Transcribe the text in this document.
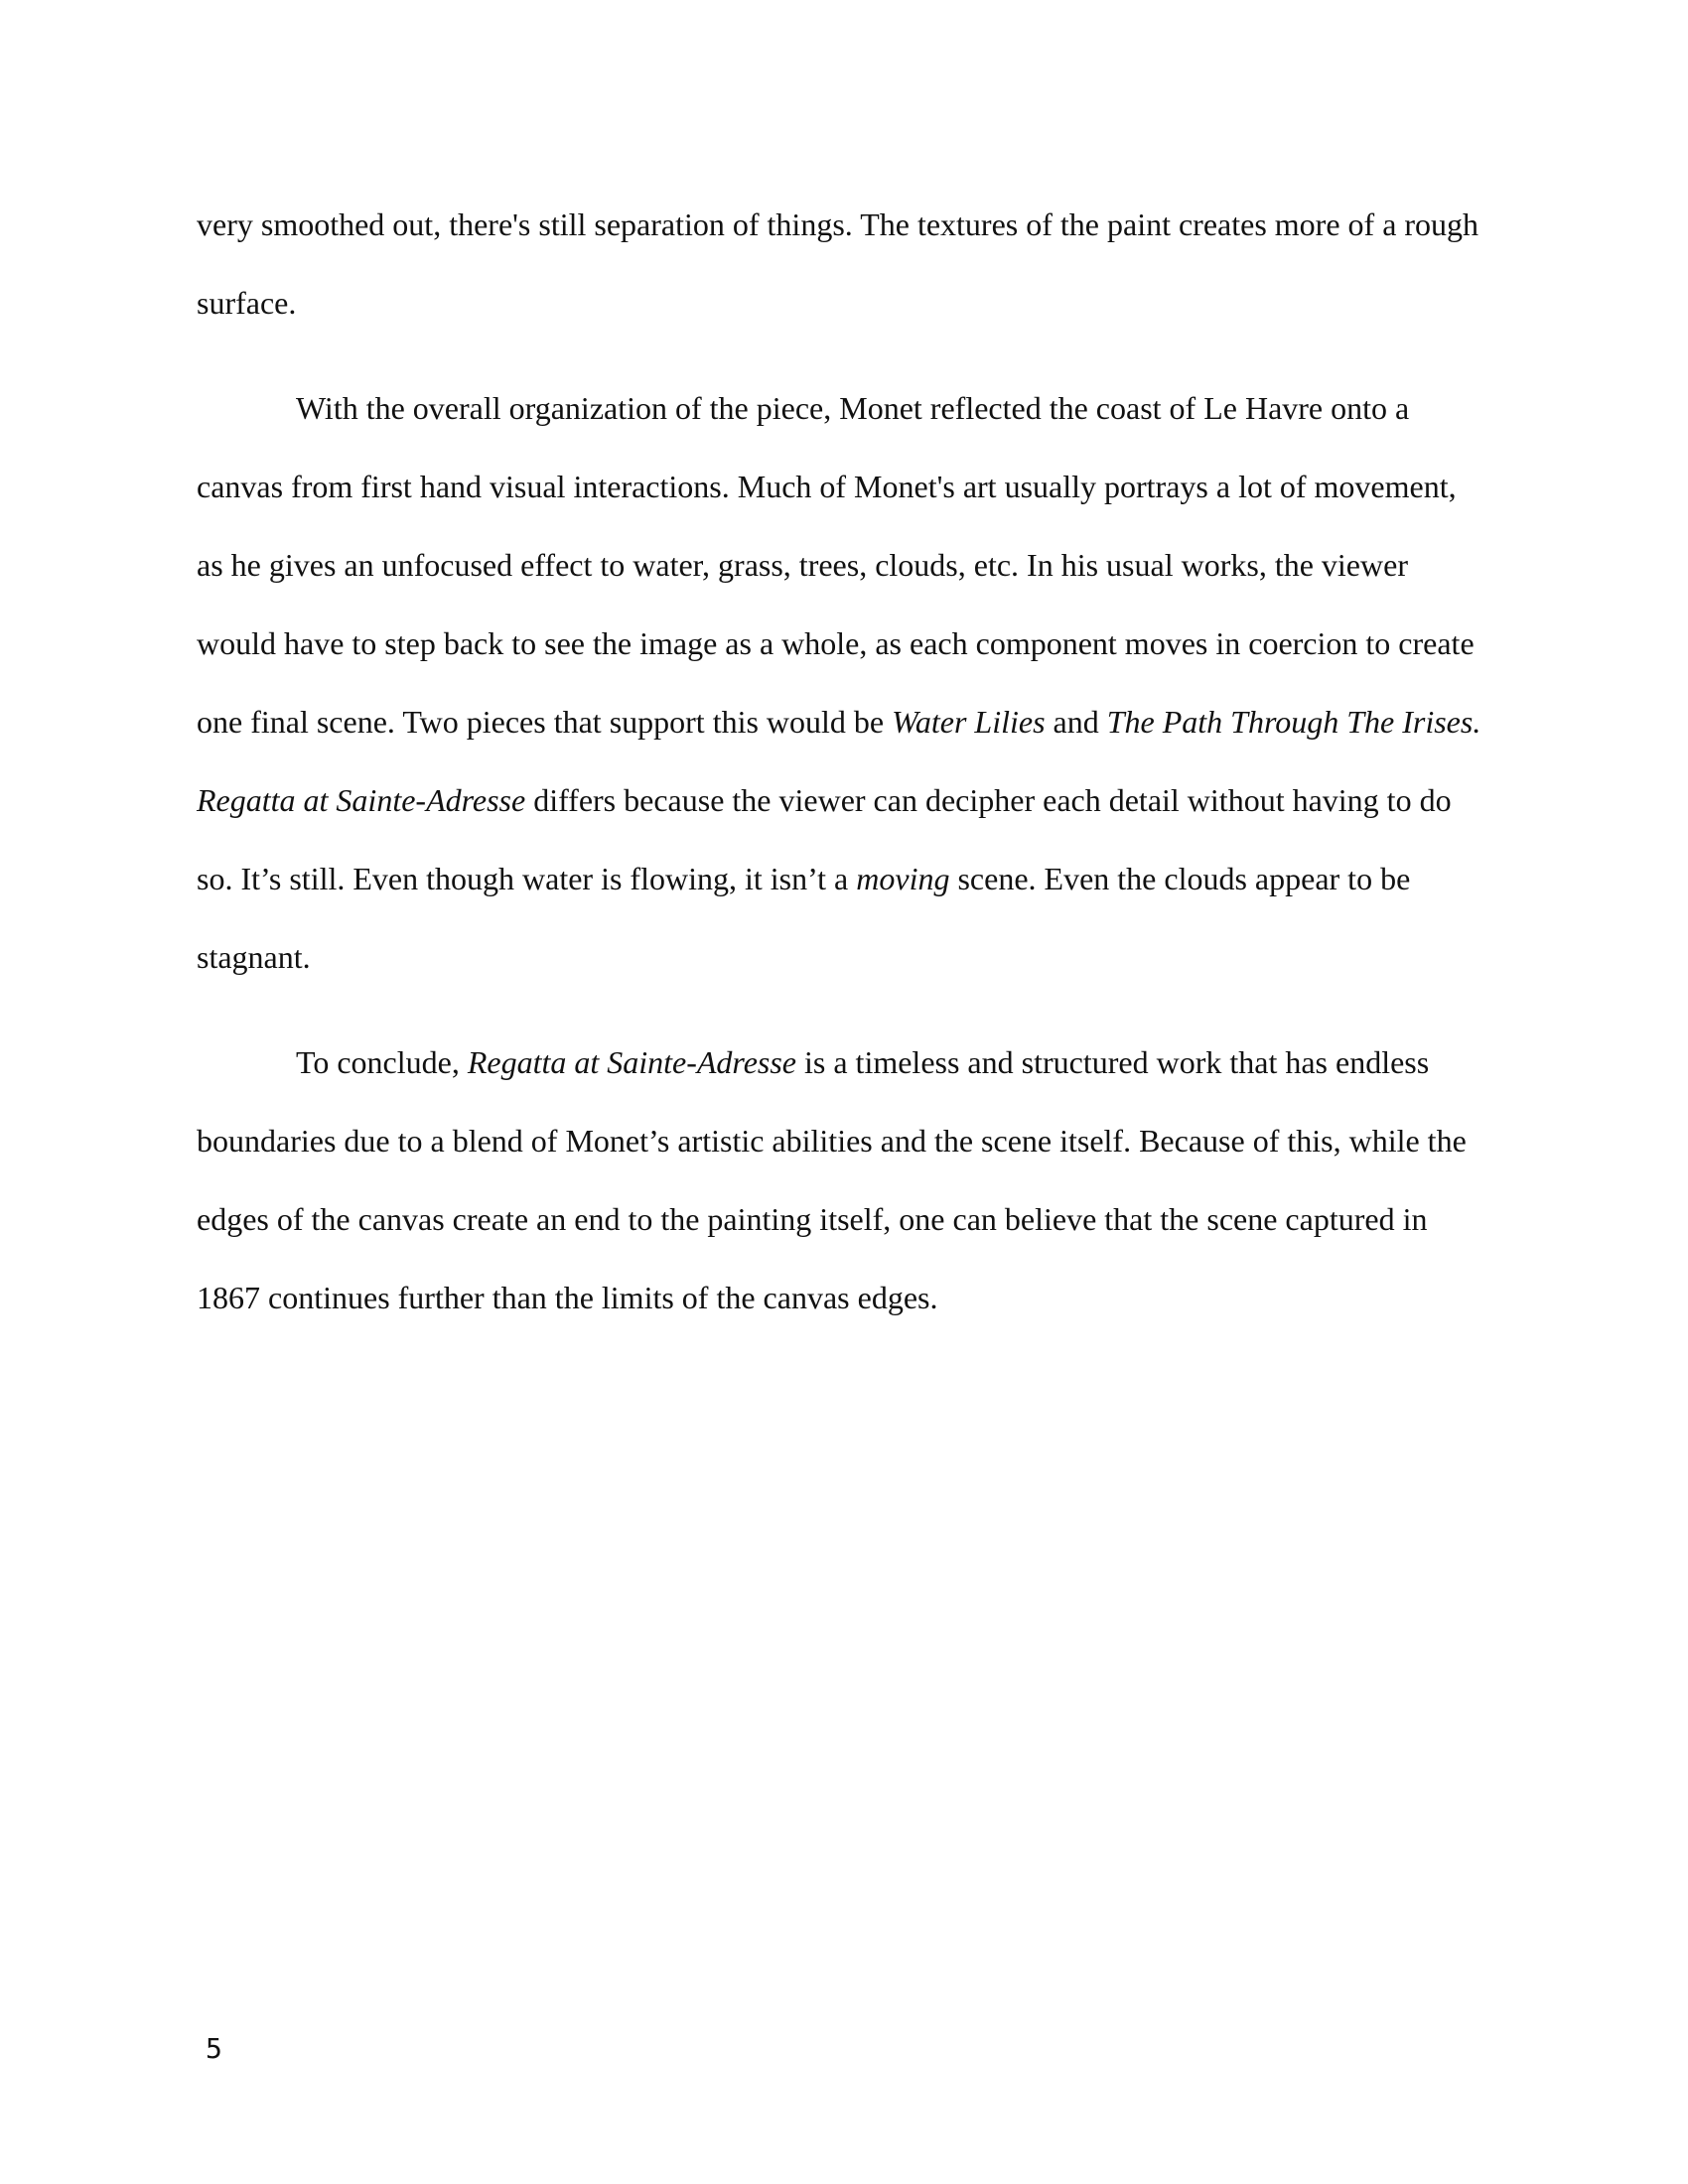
very smoothed out, there's still separation of things. The textures of the paint creates more of a rough surface.

With the overall organization of the piece, Monet reflected the coast of Le Havre onto a canvas from first hand visual interactions. Much of Monet's art usually portrays a lot of movement, as he gives an unfocused effect to water, grass, trees, clouds, etc. In his usual works, the viewer would have to step back to see the image as a whole, as each component moves in coercion to create one final scene. Two pieces that support this would be Water Lilies and The Path Through The Irises. Regatta at Sainte-Adresse differs because the viewer can decipher each detail without having to do so. It’s still. Even though water is flowing, it isn’t a moving scene. Even the clouds appear to be stagnant.

To conclude, Regatta at Sainte-Adresse is a timeless and structured work that has endless boundaries due to a blend of Monet’s artistic abilities and the scene itself. Because of this, while the edges of the canvas create an end to the painting itself, one can believe that the scene captured in 1867 continues further than the limits of the canvas edges.

5
